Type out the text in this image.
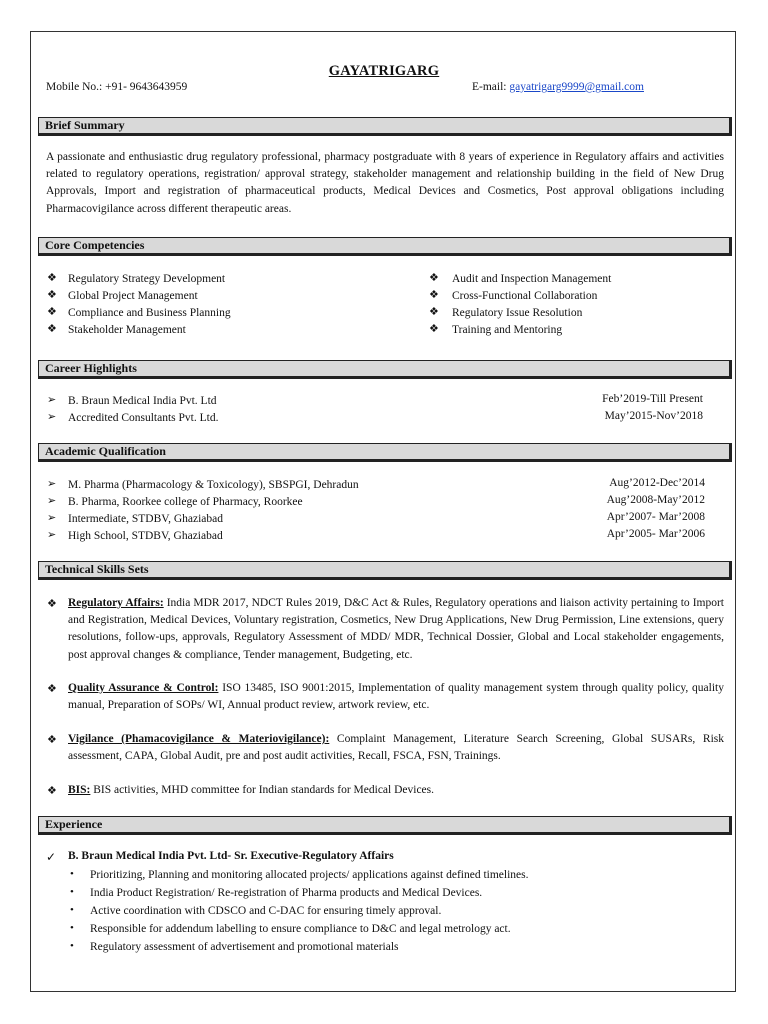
GAYATRIGARG
Mobile No.: +91- 9643643959	E-mail: gayatrigarg9999@gmail.com
Brief Summary
A passionate and enthusiastic drug regulatory professional, pharmacy postgraduate with 8 years of experience in Regulatory affairs and activities related to regulatory operations, registration/ approval strategy, stakeholder management and relationship building in the field of New Drug Approvals, Import and registration of pharmaceutical products, Medical Devices and Cosmetics, Post approval obligations including Pharmacovigilance across different therapeutic areas.
Core Competencies
❖ Regulatory Strategy Development
❖ Global Project Management
❖ Compliance and Business Planning
❖ Stakeholder Management
❖ Audit and Inspection Management
❖ Cross-Functional Collaboration
❖ Regulatory Issue Resolution
❖ Training and Mentoring
Career Highlights
➢ B. Braun Medical India Pvt. Ltd	Feb’2019-Till Present
➢ Accredited Consultants Pvt. Ltd.	May’2015-Nov’2018
Academic Qualification
➢ M. Pharma (Pharmacology & Toxicology), SBSPGI, Dehradun	Aug’2012-Dec’2014
➢ B. Pharma, Roorkee college of Pharmacy, Roorkee	Aug’2008-May’2012
➢ Intermediate, STDBV, Ghaziabad	Apr’2007- Mar’2008
➢ High School, STDBV, Ghaziabad	Apr’2005- Mar’2006
Technical Skills Sets
❖ Regulatory Affairs: India MDR 2017, NDCT Rules 2019, D&C Act & Rules, Regulatory operations and liaison activity pertaining to Import and Registration, Medical Devices, Voluntary registration, Cosmetics, New Drug Applications, New Drug Permission, Line extensions, query resolutions, follow-ups, approvals, Regulatory Assessment of MDD/ MDR, Technical Dossier, Global and Local stakeholder engagements, post approval changes & compliance, Tender management, Budgeting, etc.
❖ Quality Assurance & Control: ISO 13485, ISO 9001:2015, Implementation of quality management system through quality policy, quality manual, Preparation of SOPs/ WI, Annual product review, artwork review, etc.
❖ Vigilance (Phamacovigilance & Materiovigilance): Complaint Management, Literature Search Screening, Global SUSARs, Risk assessment, CAPA, Global Audit, pre and post audit activities, Recall, FSCA, FSN, Trainings.
❖ BIS: BIS activities, MHD committee for Indian standards for Medical Devices.
Experience
✓ B. Braun Medical India Pvt. Ltd- Sr. Executive-Regulatory Affairs
• Prioritizing, Planning and monitoring allocated projects/ applications against defined timelines.
• India Product Registration/ Re-registration of Pharma products and Medical Devices.
• Active coordination with CDSCO and C-DAC for ensuring timely approval.
• Responsible for addendum labelling to ensure compliance to D&C and legal metrology act.
• Regulatory assessment of advertisement and promotional materials
